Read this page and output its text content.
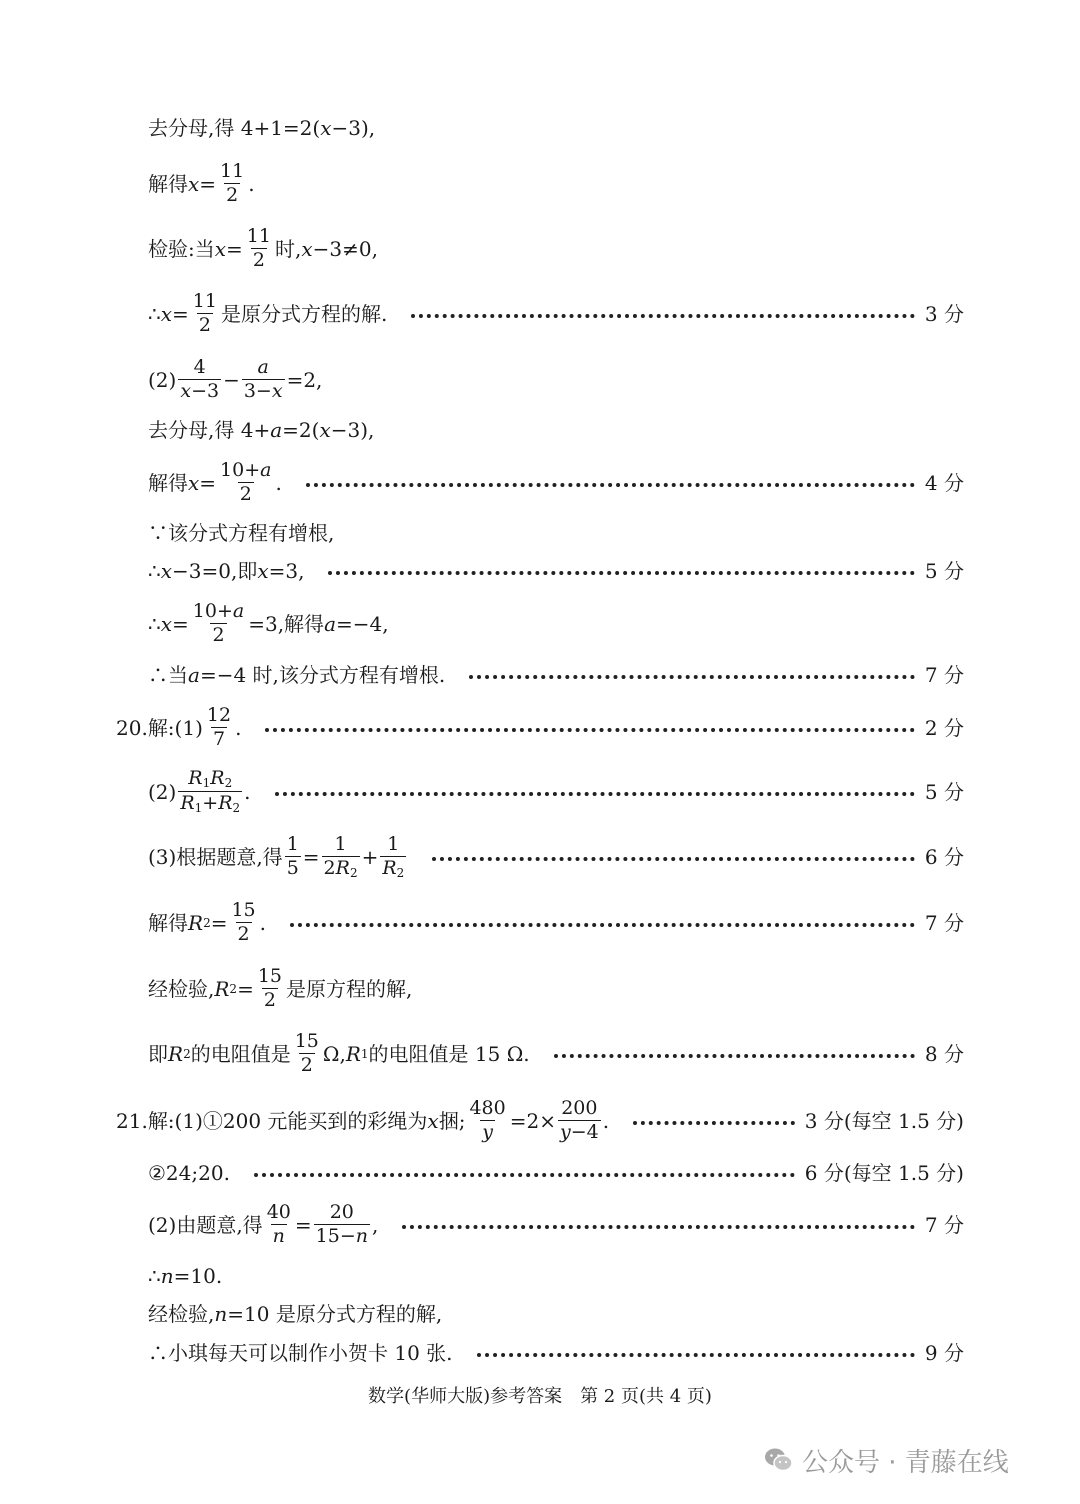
去分母,得 4+1=2( x −3),
解得 $x = \frac{11}{2}$ .
检验:当 $x = \frac{11}{2}$ 时, x −3≠0,
∴ $x = \frac{11}{2}$ 是原分式方程的解.	3 分
$(2) \frac{4}{x-3} - \frac{a}{3-x} =2$,
去分母,得 4+ a =2( x −3),
解得 $x = \frac{10+a}{2}$ .	4 分
∵该分式方程有增根,
∴ x −3=0,即 x =3,	5 分
∴ $x = \frac{10+a}{2} =3$,解得 a =−4,
∴当 a =−4 时,该分式方程有增根.	7 分
20. 解:(1) $\frac{12}{7}$ .	2 分
$(2) \frac{R_1R_2}{R_1+R_2}$ .	5 分
(3)根据题意,得 $\frac{1}{5} = \frac{1}{2R_2} + \frac{1}{R_2}$	6 分
解得 R $2 = \frac{15}{2}$ .	7 分
经检验, R $2 = \frac{15}{2}$ 是原方程的解,
即 R 2 的电阻值是 $\frac{15}{2} \Omega$, R 1 的电阻值是 15 Ω.	8 分
21. 解:(1)①200 元能买到的彩绳为 x 捆; $\frac{480}{y} =2\times \frac{200}{y-4}$ .	3 分(每空 1.5 分)
②24;20.	6 分(每空 1.5 分)
(2)由题意,得 $\frac{40}{n} = \frac{20}{15-n}$ ,	7 分
∴ n =10.
经检验, n =10 是原分式方程的解,
∴小琪每天可以制作小贺卡 10 张.	9 分
数学(华师大版)参考答案　第 2 页(共 4 页)
公众号 · 青藤在线
